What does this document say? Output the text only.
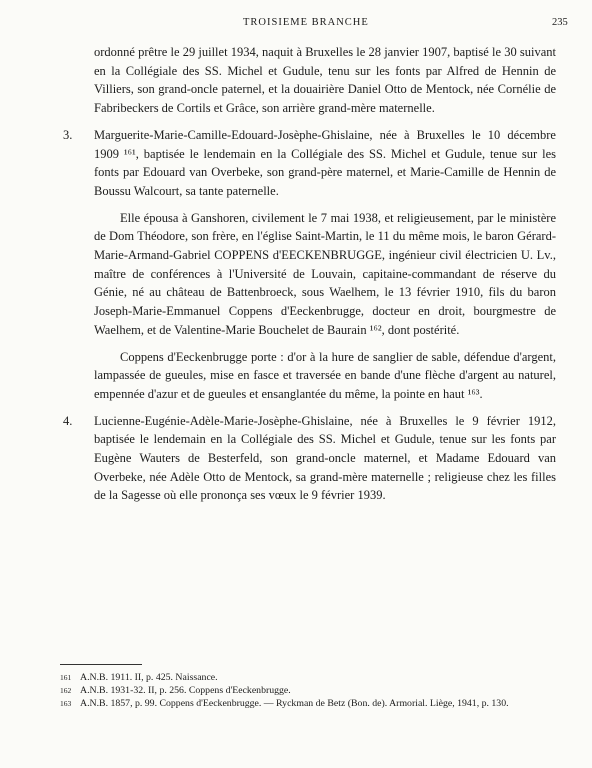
TROISIEME BRANCHE	235

ordonné prêtre le 29 juillet 1934, naquit à Bruxelles le 28 janvier 1907, baptisé le 30 suivant en la Collégiale des SS. Michel et Gudule, tenu sur les fonts par Alfred de Hennin de Villiers, son grand-oncle paternel, et la douairière Daniel Otto de Mentock, née Cornélie de Fabribeckers de Cortils et Grâce, son arrière grand-mère maternelle.

3. Marguerite-Marie-Camille-Edouard-Josèphe-Ghislaine, née à Bruxelles le 10 décembre 1909 ¹⁶¹, baptisée le lendemain en la Collégiale des SS. Michel et Gudule, tenue sur les fonts par Edouard van Overbeke, son grand-père maternel, et Marie-Camille de Hennin de Boussu Walcourt, sa tante paternelle.

Elle épousa à Ganshoren, civilement le 7 mai 1938, et religieusement, par le ministère de Dom Théodore, son frère, en l'église Saint-Martin, le 11 du même mois, le baron Gérard-Marie-Armand-Gabriel COPPENS d'EECKENBRUGGE, ingénieur civil électricien U. Lv., maître de conférences à l'Université de Louvain, capitaine-commandant de réserve du Génie, né au château de Battenbroeck, sous Waelhem, le 13 février 1910, fils du baron Joseph-Marie-Emmanuel Coppens d'Eeckenbrugge, docteur en droit, bourgmestre de Waelhem, et de Valentine-Marie Bouchelet de Baurain ¹⁶², dont postérité.

Coppens d'Eeckenbrugge porte : d'or à la hure de sanglier de sable, défendue d'argent, lampassée de gueules, mise en fasce et traversée en bande d'une flèche d'argent au naturel, empennée d'azur et de gueules et ensanglantée du même, la pointe en haut ¹⁶³.

4. Lucienne-Eugénie-Adèle-Marie-Josèphe-Ghislaine, née à Bruxelles le 9 février 1912, baptisée le lendemain en la Collégiale des SS. Michel et Gudule, tenue sur les fonts par Eugène Wauters de Besterfeld, son grand-oncle maternel, et Madame Edouard van Overbeke, née Adèle Otto de Mentock, sa grand-mère maternelle ; religieuse chez les filles de la Sagesse où elle prononça ses vœux le 9 février 1939.

161 A.N.B. 1911. II, p. 425. Naissance.
162 A.N.B. 1931-32. II, p. 256. Coppens d'Eeckenbrugge.
163 A.N.B. 1857, p. 99. Coppens d'Eeckenbrugge. — Ryckman de Betz (Bon. de). Armorial. Liège, 1941, p. 130.
